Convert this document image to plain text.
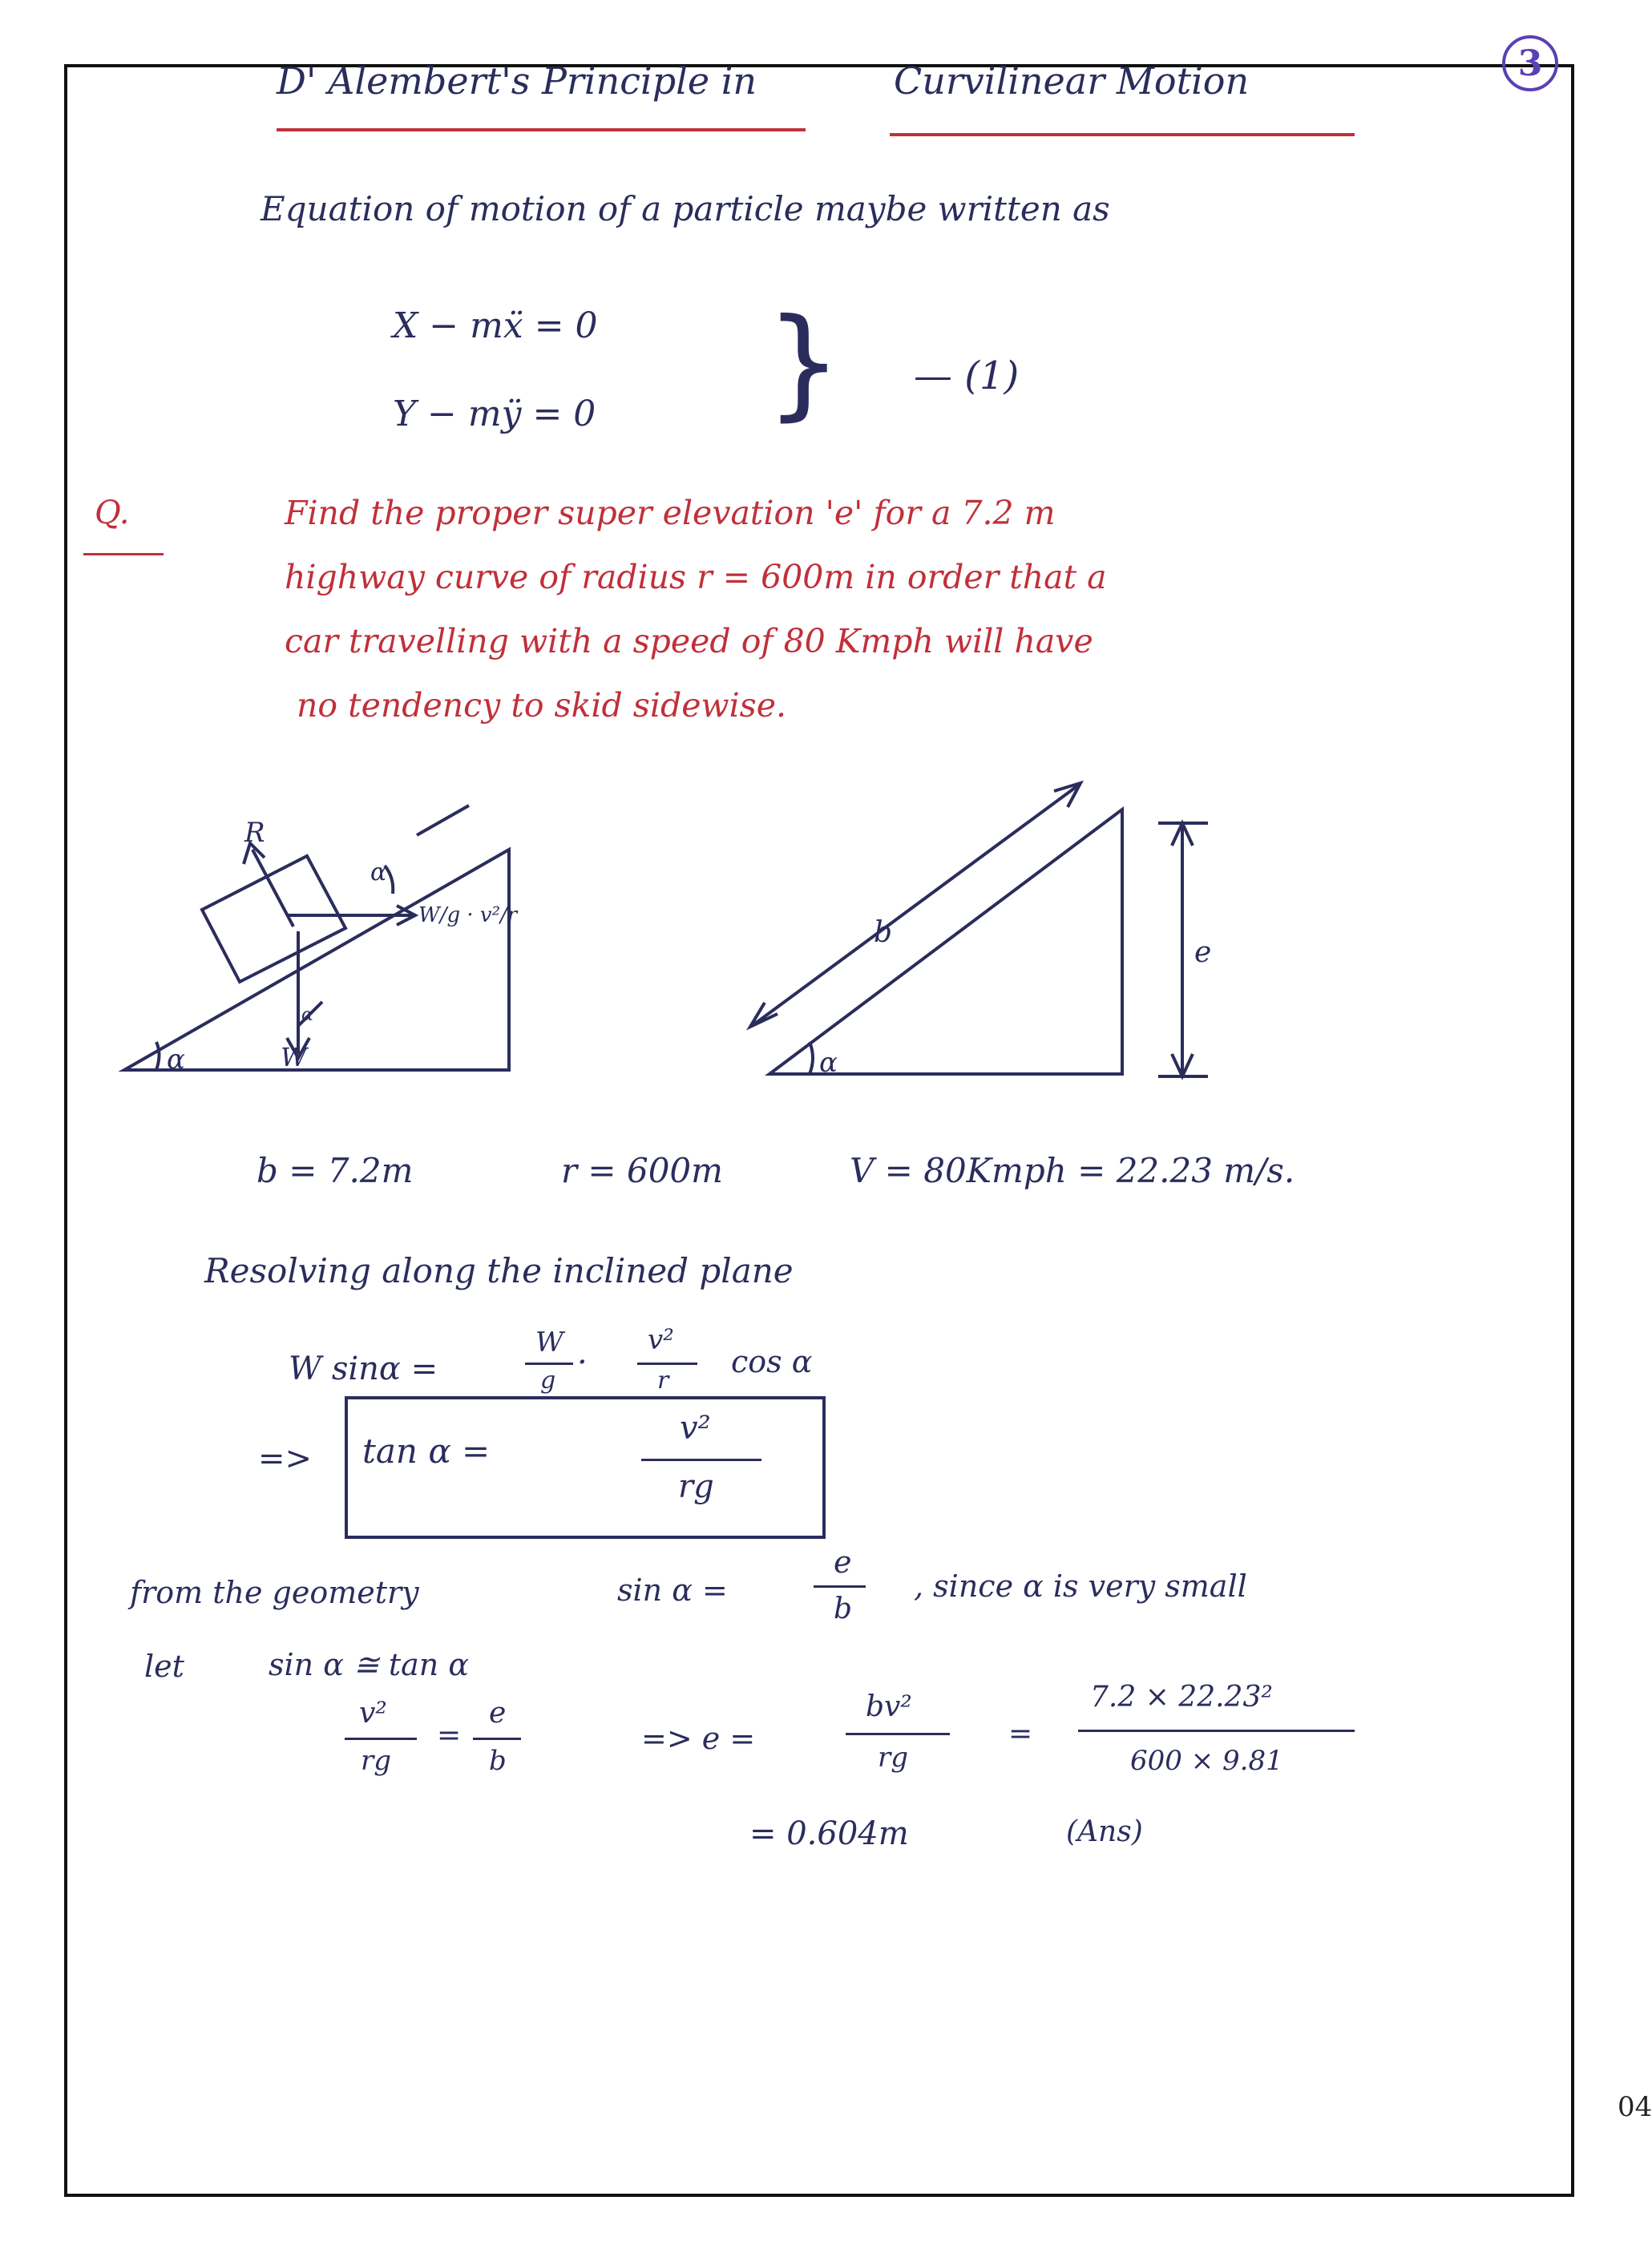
3
04
D' Alembert's Principle in	Curvilinear Motion
Equation of motion of a particle maybe written as
X − mẍ = 0
Y − mÿ = 0 } — (1)
Q.	Find the proper super elevation 'e' for a 7.2 m
highway curve of radius r = 600m in order that a
car travelling with a speed of 80 Kmph will have
no tendency to skid sidewise.
R
W
α
α
α
W/g · v²/r
b
e
α
b = 7.2m	r = 600m	V = 80Kmph = 22.23 m/s.
Resolving along the inclined plane
W sinα =
W
g ·
v²
r
cos α
=> tan α =
v²
rg
from the geometry	sin α =
e
b
, since α is very small
let	sin α ≅ tan α
v²
rg
=
e
b
=> e =
bv²
rg
=
7.2 × 22.23²
600 × 9.81
= 0.604m	(Ans)
